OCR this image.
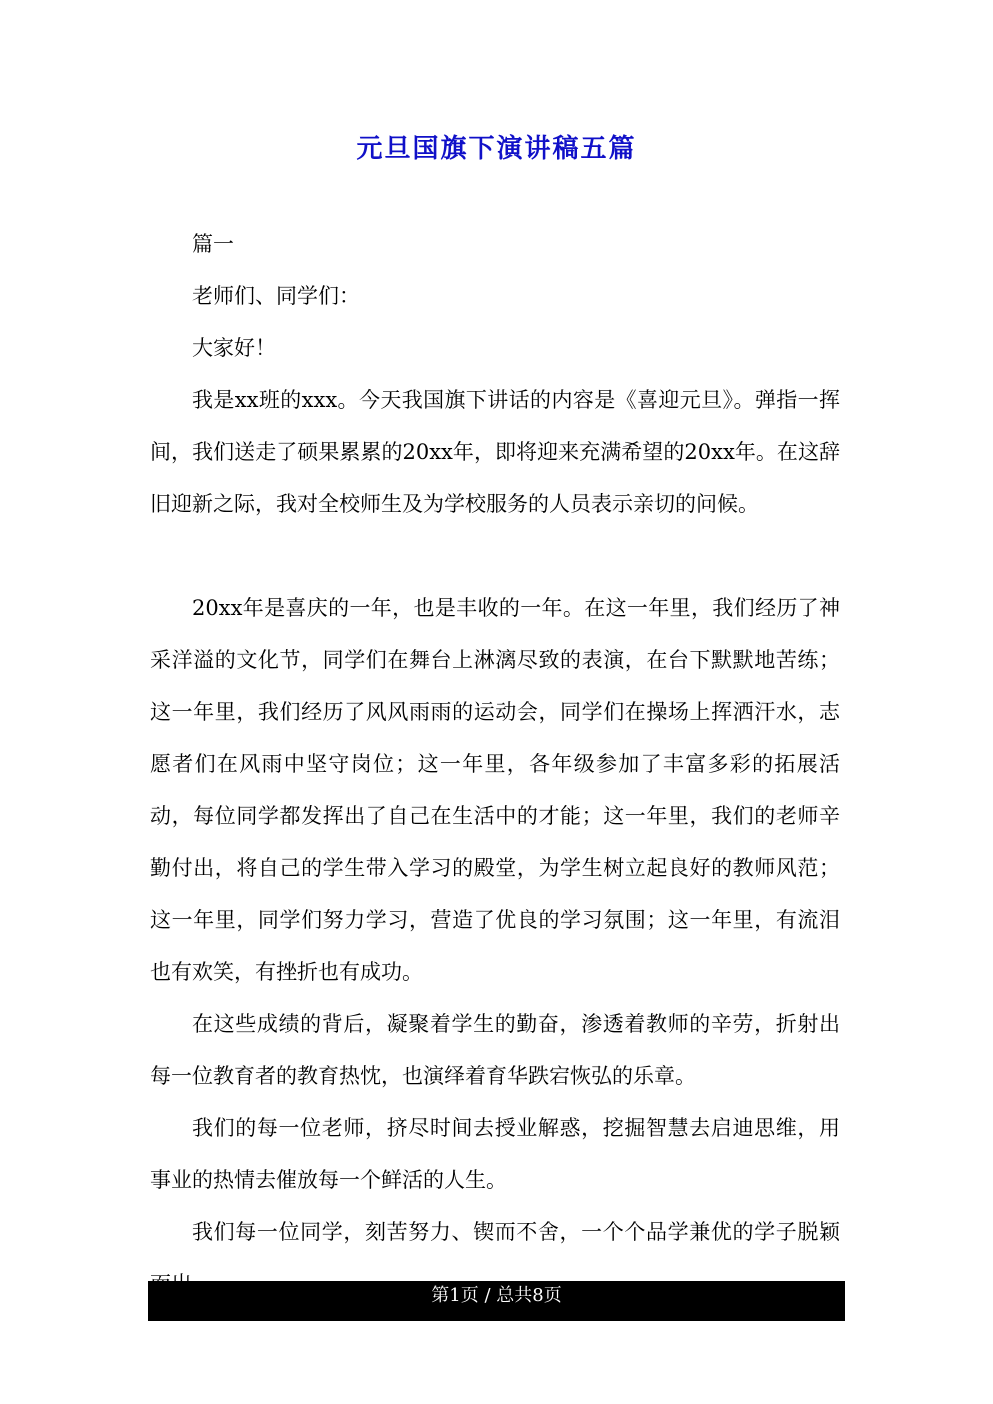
元旦国旗下演讲稿五篇

篇一

老师们、同学们：

大家好！

我是xx班的xxx。今天我国旗下讲话的内容是《喜迎元旦》。弹指一挥间，我们送走了硕果累累的20xx年，即将迎来充满希望的20xx年。在这辞旧迎新之际，我对全校师生及为学校服务的人员表示亲切的问候。

20xx年是喜庆的一年，也是丰收的一年。在这一年里，我们经历了神采洋溢的文化节，同学们在舞台上淋漓尽致的表演，在台下默默地苦练；这一年里，我们经历了风风雨雨的运动会，同学们在操场上挥洒汗水，志愿者们在风雨中坚守岗位；这一年里，各年级参加了丰富多彩的拓展活动，每位同学都发挥出了自己在生活中的才能；这一年里，我们的老师辛勤付出，将自己的学生带入学习的殿堂，为学生树立起良好的教师风范；这一年里，同学们努力学习，营造了优良的学习氛围；这一年里，有流泪也有欢笑，有挫折也有成功。

在这些成绩的背后，凝聚着学生的勤奋，渗透着教师的辛劳，折射出每一位教育者的教育热忱，也演绎着育华跌宕恢弘的乐章。

我们的每一位老师，挤尽时间去授业解惑，挖掘智慧去启迪思维，用事业的热情去催放每一个鲜活的人生。

我们每一位同学，刻苦努力、锲而不舍，一个个品学兼优的学子脱颖

第1页 / 总共8页
